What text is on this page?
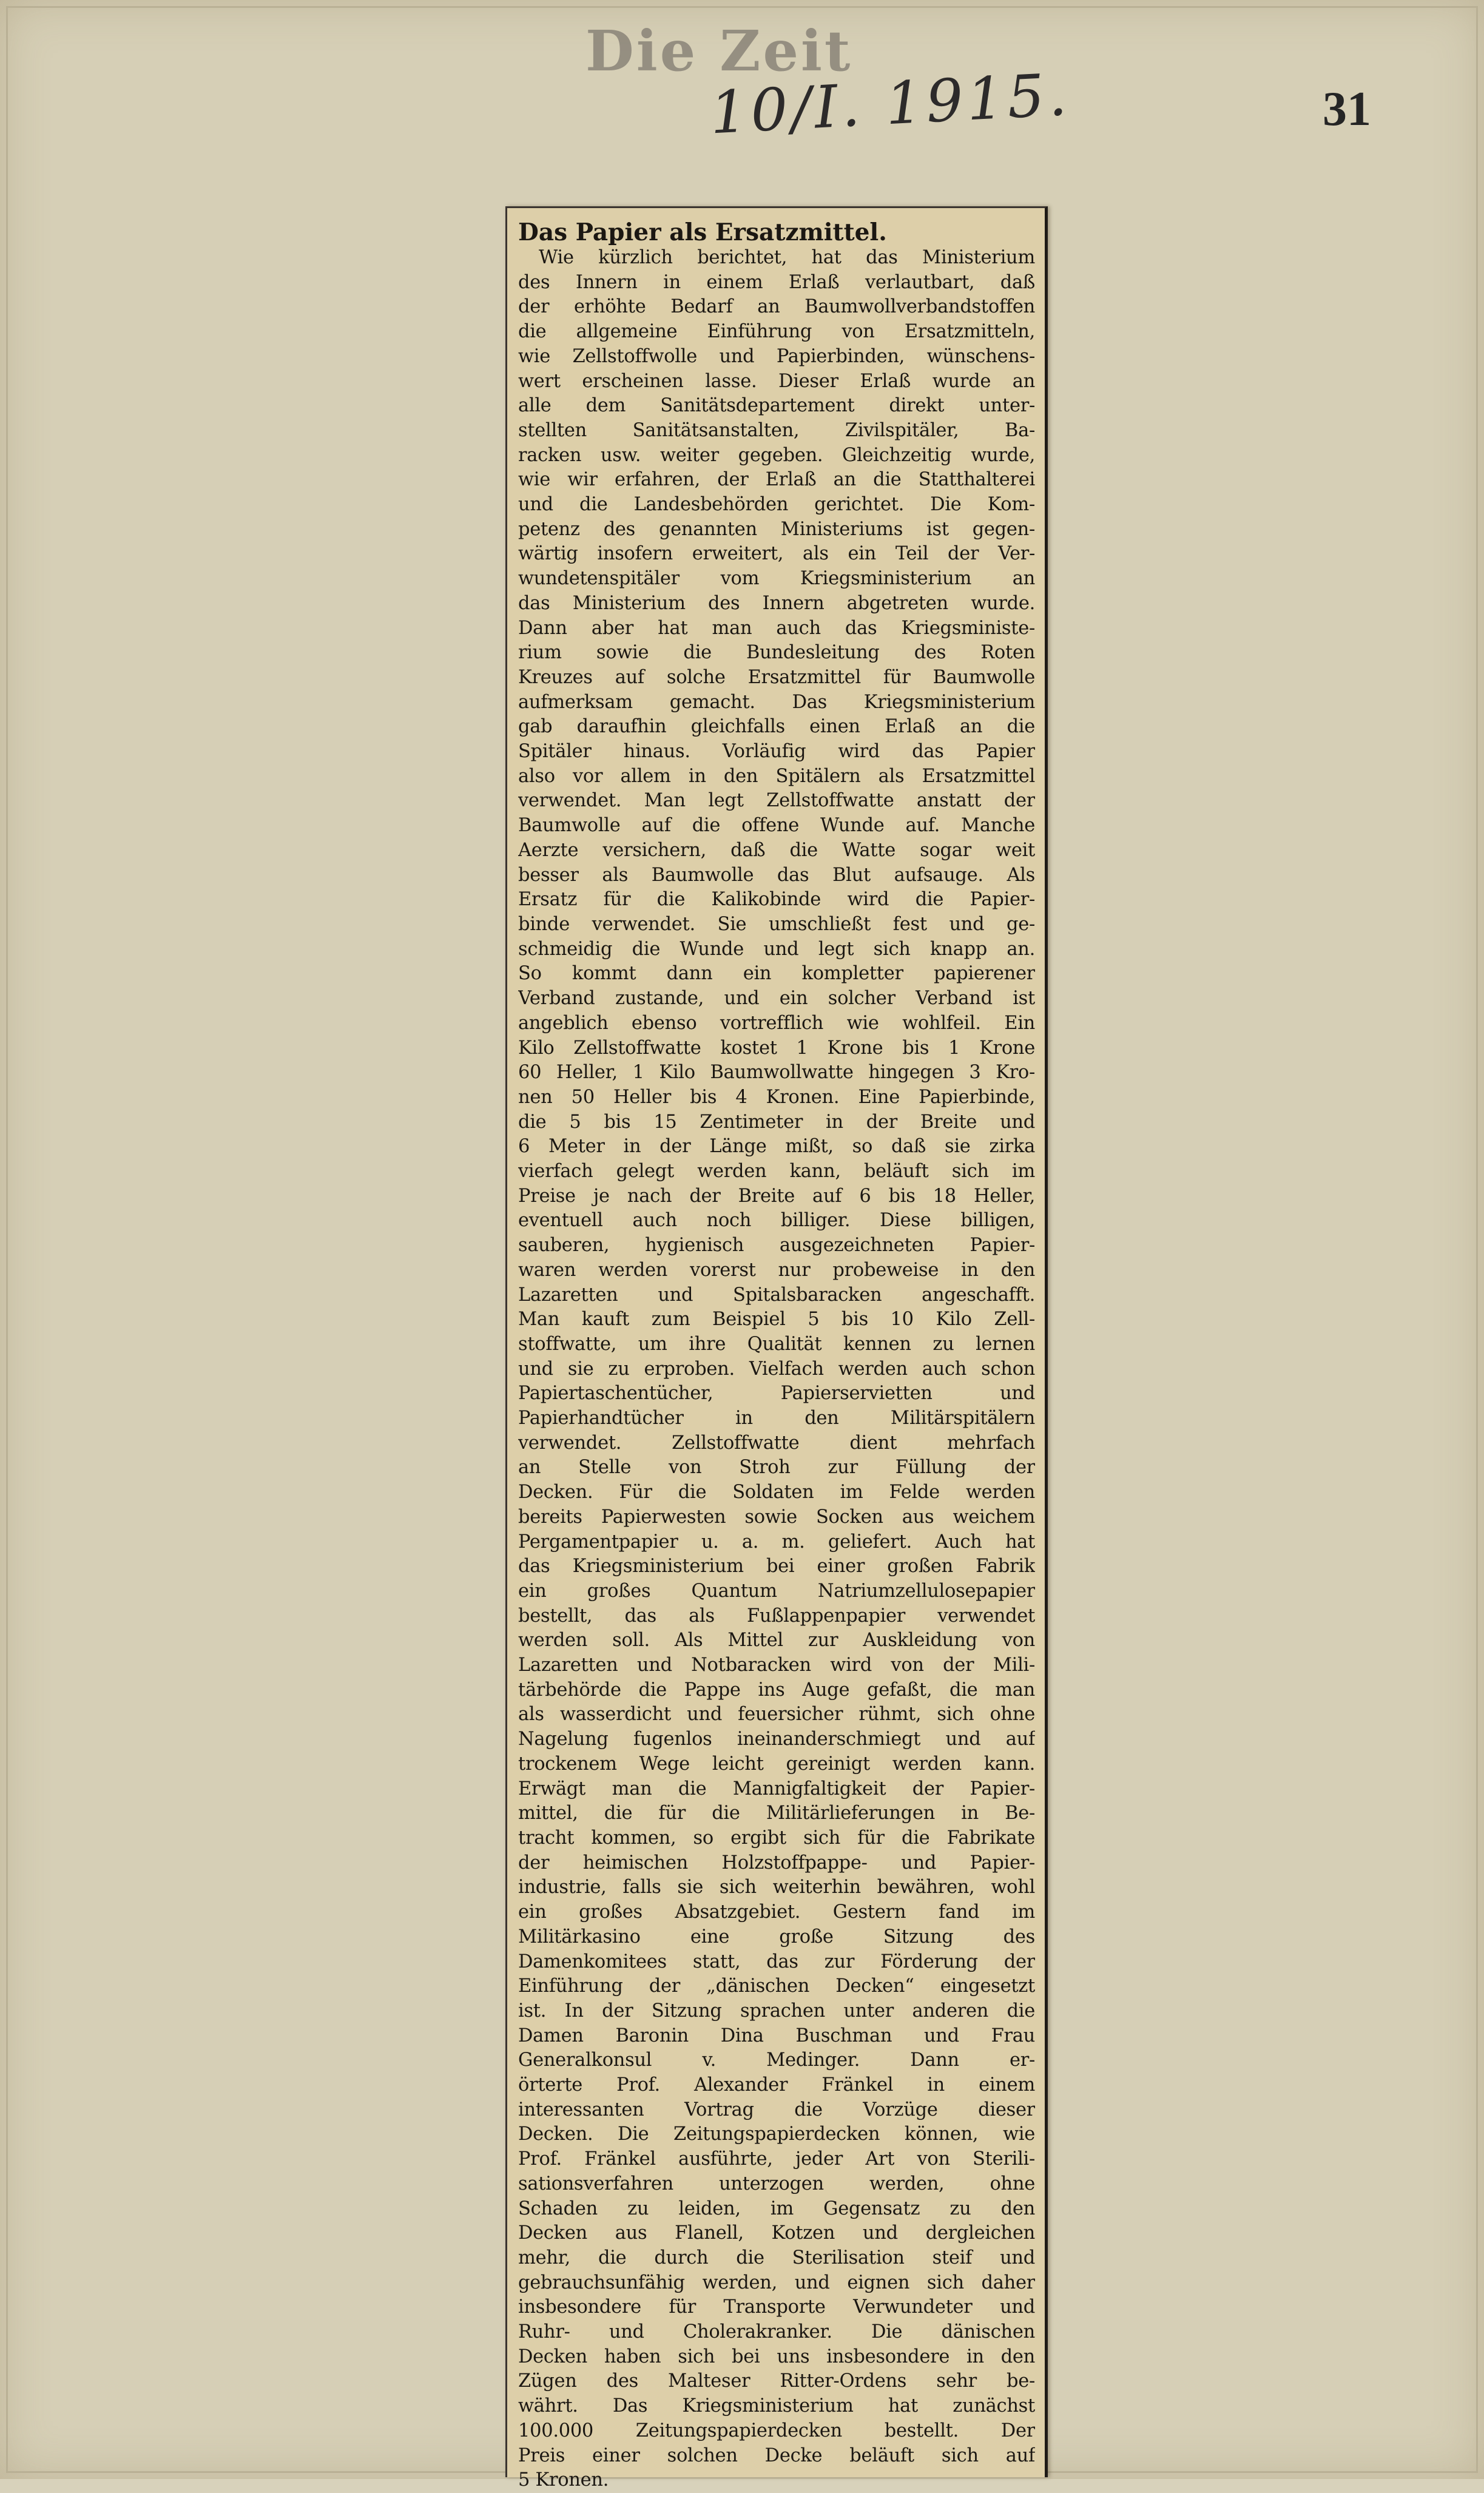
Die Zeit
10/I. 1915.	31
Das Papier als Ersatzmittel.
Wie kürzlich berichtet, hat das Ministerium
des Innern in einem Erlaß verlautbart, daß
der erhöhte Bedarf an Baumwollverbandstoffen
die allgemeine Einführung von Ersatzmitteln,
wie Zellstoffwolle und Papierbinden, wünschens-
wert erscheinen lasse. Dieser Erlaß wurde an
alle dem Sanitätsdepartement direkt unter-
stellten Sanitätsanstalten, Zivilspitäler, Ba-
racken usw. weiter gegeben. Gleichzeitig wurde,
wie wir erfahren, der Erlaß an die Statthalterei
und die Landesbehörden gerichtet. Die Kom-
petenz des genannten Ministeriums ist gegen-
wärtig insofern erweitert, als ein Teil der Ver-
wundetenspitäler vom Kriegsministerium an
das Ministerium des Innern abgetreten wurde.
Dann aber hat man auch das Kriegsministe-
rium sowie die Bundesleitung des Roten
Kreuzes auf solche Ersatzmittel für Baumwolle
aufmerksam gemacht. Das Kriegsministerium
gab daraufhin gleichfalls einen Erlaß an die
Spitäler hinaus. Vorläufig wird das Papier
also vor allem in den Spitälern als Ersatzmittel
verwendet. Man legt Zellstoffwatte anstatt der
Baumwolle auf die offene Wunde auf. Manche
Aerzte versichern, daß die Watte sogar weit
besser als Baumwolle das Blut aufsauge. Als
Ersatz für die Kalikobinde wird die Papier-
binde verwendet. Sie umschließt fest und ge-
schmeidig die Wunde und legt sich knapp an.
So kommt dann ein kompletter papierener
Verband zustande, und ein solcher Verband ist
angeblich ebenso vortrefflich wie wohlfeil. Ein
Kilo Zellstoffwatte kostet 1 Krone bis 1 Krone
60 Heller, 1 Kilo Baumwollwatte hingegen 3 Kro-
nen 50 Heller bis 4 Kronen. Eine Papierbinde,
die 5 bis 15 Zentimeter in der Breite und
6 Meter in der Länge mißt, so daß sie zirka
vierfach gelegt werden kann, beläuft sich im
Preise je nach der Breite auf 6 bis 18 Heller,
eventuell auch noch billiger. Diese billigen,
sauberen, hygienisch ausgezeichneten Papier-
waren werden vorerst nur probeweise in den
Lazaretten und Spitalsbaracken angeschafft.
Man kauft zum Beispiel 5 bis 10 Kilo Zell-
stoffwatte, um ihre Qualität kennen zu lernen
und sie zu erproben. Vielfach werden auch schon
Papiertaschentücher, Papierservietten und
Papierhandtücher in den Militärspitälern
verwendet. Zellstoffwatte dient mehrfach
an Stelle von Stroh zur Füllung der
Decken. Für die Soldaten im Felde werden
bereits Papierwesten sowie Socken aus weichem
Pergamentpapier u. a. m. geliefert. Auch hat
das Kriegsministerium bei einer großen Fabrik
ein großes Quantum Natriumzellulosepapier
bestellt, das als Fußlappenpapier verwendet
werden soll. Als Mittel zur Auskleidung von
Lazaretten und Notbaracken wird von der Mili-
tärbehörde die Pappe ins Auge gefaßt, die man
als wasserdicht und feuersicher rühmt, sich ohne
Nagelung fugenlos ineinanderschmiegt und auf
trockenem Wege leicht gereinigt werden kann.
Erwägt man die Mannigfaltigkeit der Papier-
mittel, die für die Militärlieferungen in Be-
tracht kommen, so ergibt sich für die Fabrikate
der heimischen Holzstoffpappe- und Papier-
industrie, falls sie sich weiterhin bewähren, wohl
ein großes Absatzgebiet. Gestern fand im
Militärkasino eine große Sitzung des
Damenkomitees statt, das zur Förderung der
Einführung der „dänischen Decken“ eingesetzt
ist. In der Sitzung sprachen unter anderen die
Damen Baronin Dina Buschman und Frau
Generalkonsul v. Medinger. Dann er-
örterte Prof. Alexander Fränkel in einem
interessanten Vortrag die Vorzüge dieser
Decken. Die Zeitungspapierdecken können, wie
Prof. Fränkel ausführte, jeder Art von Sterili-
sationsverfahren unterzogen werden, ohne
Schaden zu leiden, im Gegensatz zu den
Decken aus Flanell, Kotzen und dergleichen
mehr, die durch die Sterilisation steif und
gebrauchsunfähig werden, und eignen sich daher
insbesondere für Transporte Verwundeter und
Ruhr- und Cholerakranker. Die dänischen
Decken haben sich bei uns insbesondere in den
Zügen des Malteser Ritter-Ordens sehr be-
währt. Das Kriegsministerium hat zunächst
100.000 Zeitungspapierdecken bestellt. Der
Preis einer solchen Decke beläuft sich auf
5 Kronen.
